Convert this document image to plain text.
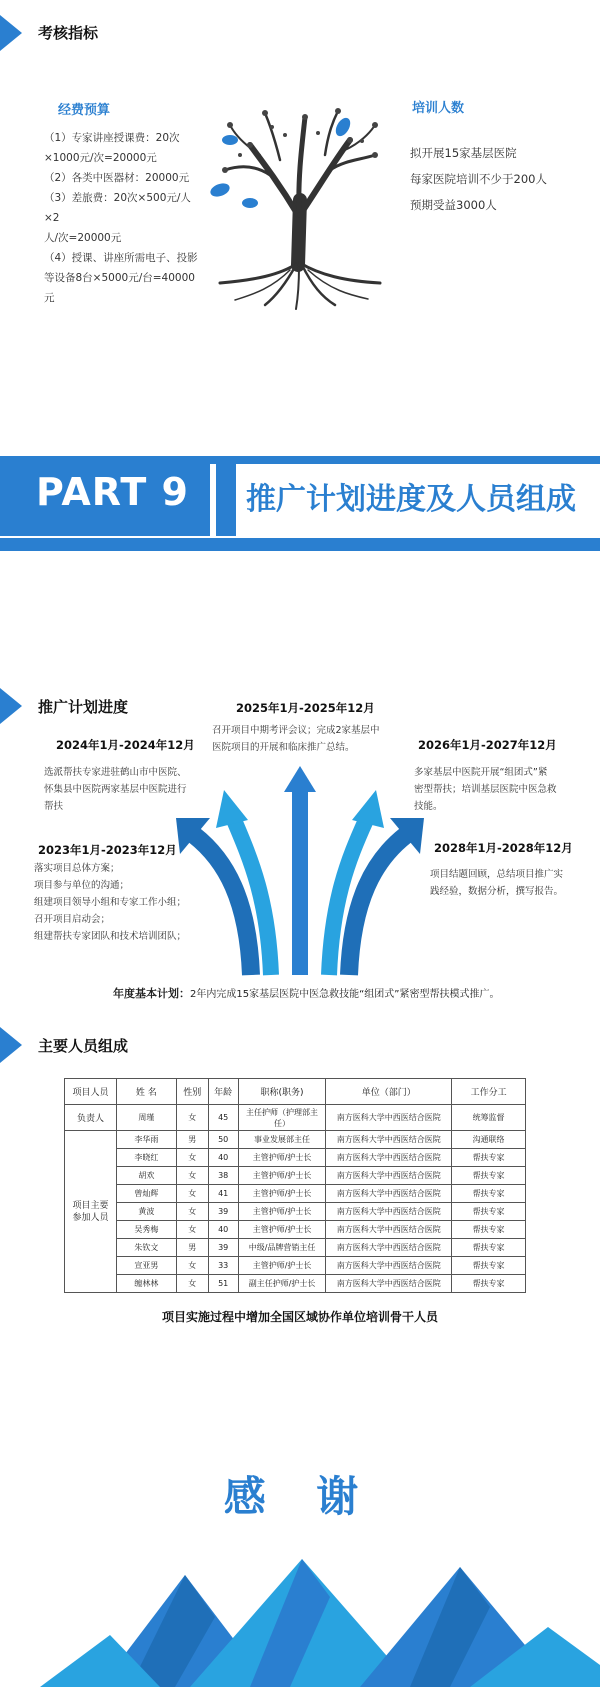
考核指标
经费预算
（1）专家讲座授课费：20次
×1000元/次=20000元
（2）各类中医器材：20000元
（3）差旅费：20次×500元/人×2
人/次=20000元
（4）授课、讲座所需电子、投影
等设备8台×5000元/台=40000元
培训人数
拟开展15家基层医院
每家医院培训不少于200人
预期受益3000人
PART 9 推广计划进度及人员组成
推广计划进度	2025年1月-2025年12月
召开项目中期考评会议；完成2家基层中
医院项目的开展和临床推广总结。
2024年1月-2024年12月
选派帮扶专家进驻鹤山市中医院、
怀集县中医院两家基层中医院进行
帮扶
2026年1月-2027年12月
多家基层中医院开展“组团式”紧
密型帮扶；培训基层医院中医急救
技能。
2023年1月-2023年12月
落实项目总体方案；
项目参与单位的沟通；
组建项目领导小组和专家工作小组；
召开项目启动会；
组建帮扶专家团队和技术培训团队；
2028年1月-2028年12月
项目结题回顾，总结项目推广实
践经验，数据分析，撰写报告。
年度基本计划：2年内完成15家基层医院中医急救技能“组团式”紧密型帮扶模式推广。
主要人员组成
项目人员	姓 名	性别	年龄	职称(职务)	单位（部门）	工作分工
负责人	周瑾	女	45	主任护师（护理部主任）	南方医科大学中西医结合医院	统筹监督
项目主要参加人员	李华雨	男	50	事业发展部主任	南方医科大学中西医结合医院	沟通联络
	李晓红	女	40	主管护师/护士长	南方医科大学中西医结合医院	帮扶专家
	胡欢	女	38	主管护师/护士长	南方医科大学中西医结合医院	帮扶专家
	曾灿辉	女	41	主管护师/护士长	南方医科大学中西医结合医院	帮扶专家
	黄波	女	39	主管护师/护士长	南方医科大学中西医结合医院	帮扶专家
	吴秀梅	女	40	主管护师/护士长	南方医科大学中西医结合医院	帮扶专家
	朱钦文	男	39	中级/品牌营销主任	南方医科大学中西医结合医院	帮扶专家
	宣亚男	女	33	主管护师/护士长	南方医科大学中西医结合医院	帮扶专家
	缠林林	女	51	副主任护师/护士长	南方医科大学中西医结合医院	帮扶专家
项目实施过程中增加全国区域协作单位培训骨干人员
感 谢
